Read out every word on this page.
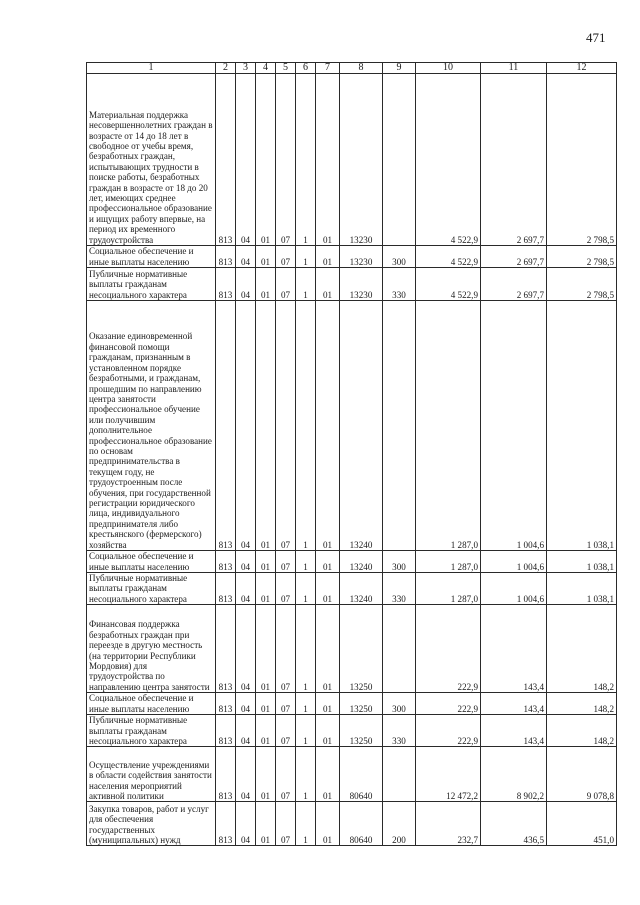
471
1	2	3	4	5	6	7	8	9	10	11	12
Материальная поддержка несовершеннолетних граждан в возрасте от 14 до 18 лет в свободное от учебы время, безработных граждан, испытывающих трудности в поиске работы, безработных граждан в возрасте от 18 до 20 лет, имеющих среднее профессиональное образование и ищущих работу впервые, на период их временного трудоустройства	813	04	01	07	1	01	13230		4 522,9	2 697,7	2 798,5
Социальное обеспечение и иные выплаты населению	813	04	01	07	1	01	13230	300	4 522,9	2 697,7	2 798,5
Публичные нормативные выплаты гражданам несоциального характера	813	04	01	07	1	01	13230	330	4 522,9	2 697,7	2 798,5
Оказание единовременной финансовой помощи гражданам, признанным в установленном порядке безработными, и гражданам, прошедшим по направлению центра занятости профессиональное обучение или получившим дополнительное профессиональное образование по основам предпринимательства в текущем году, не трудоустроенным после обучения, при государственной регистрации юридического лица, индивидуального предпринимателя либо крестьянского (фермерского) хозяйства	813	04	01	07	1	01	13240		1 287,0	1 004,6	1 038,1
Социальное обеспечение и иные выплаты населению	813	04	01	07	1	01	13240	300	1 287,0	1 004,6	1 038,1
Публичные нормативные выплаты гражданам несоциального характера	813	04	01	07	1	01	13240	330	1 287,0	1 004,6	1 038,1
Финансовая поддержка безработных граждан при переезде в другую местность (на территории Республики Мордовия) для трудоустройства по направлению центра занятости	813	04	01	07	1	01	13250		222,9	143,4	148,2
Социальное обеспечение и иные выплаты населению	813	04	01	07	1	01	13250	300	222,9	143,4	148,2
Публичные нормативные выплаты гражданам несоциального характера	813	04	01	07	1	01	13250	330	222,9	143,4	148,2
Осуществление учреждениями в области содействия занятости населения мероприятий активной политики	813	04	01	07	1	01	80640		12 472,2	8 902,2	9 078,8
Закупка товаров, работ и услуг для обеспечения государственных (муниципальных) нужд	813	04	01	07	1	01	80640	200	232,7	436,5	451,0
